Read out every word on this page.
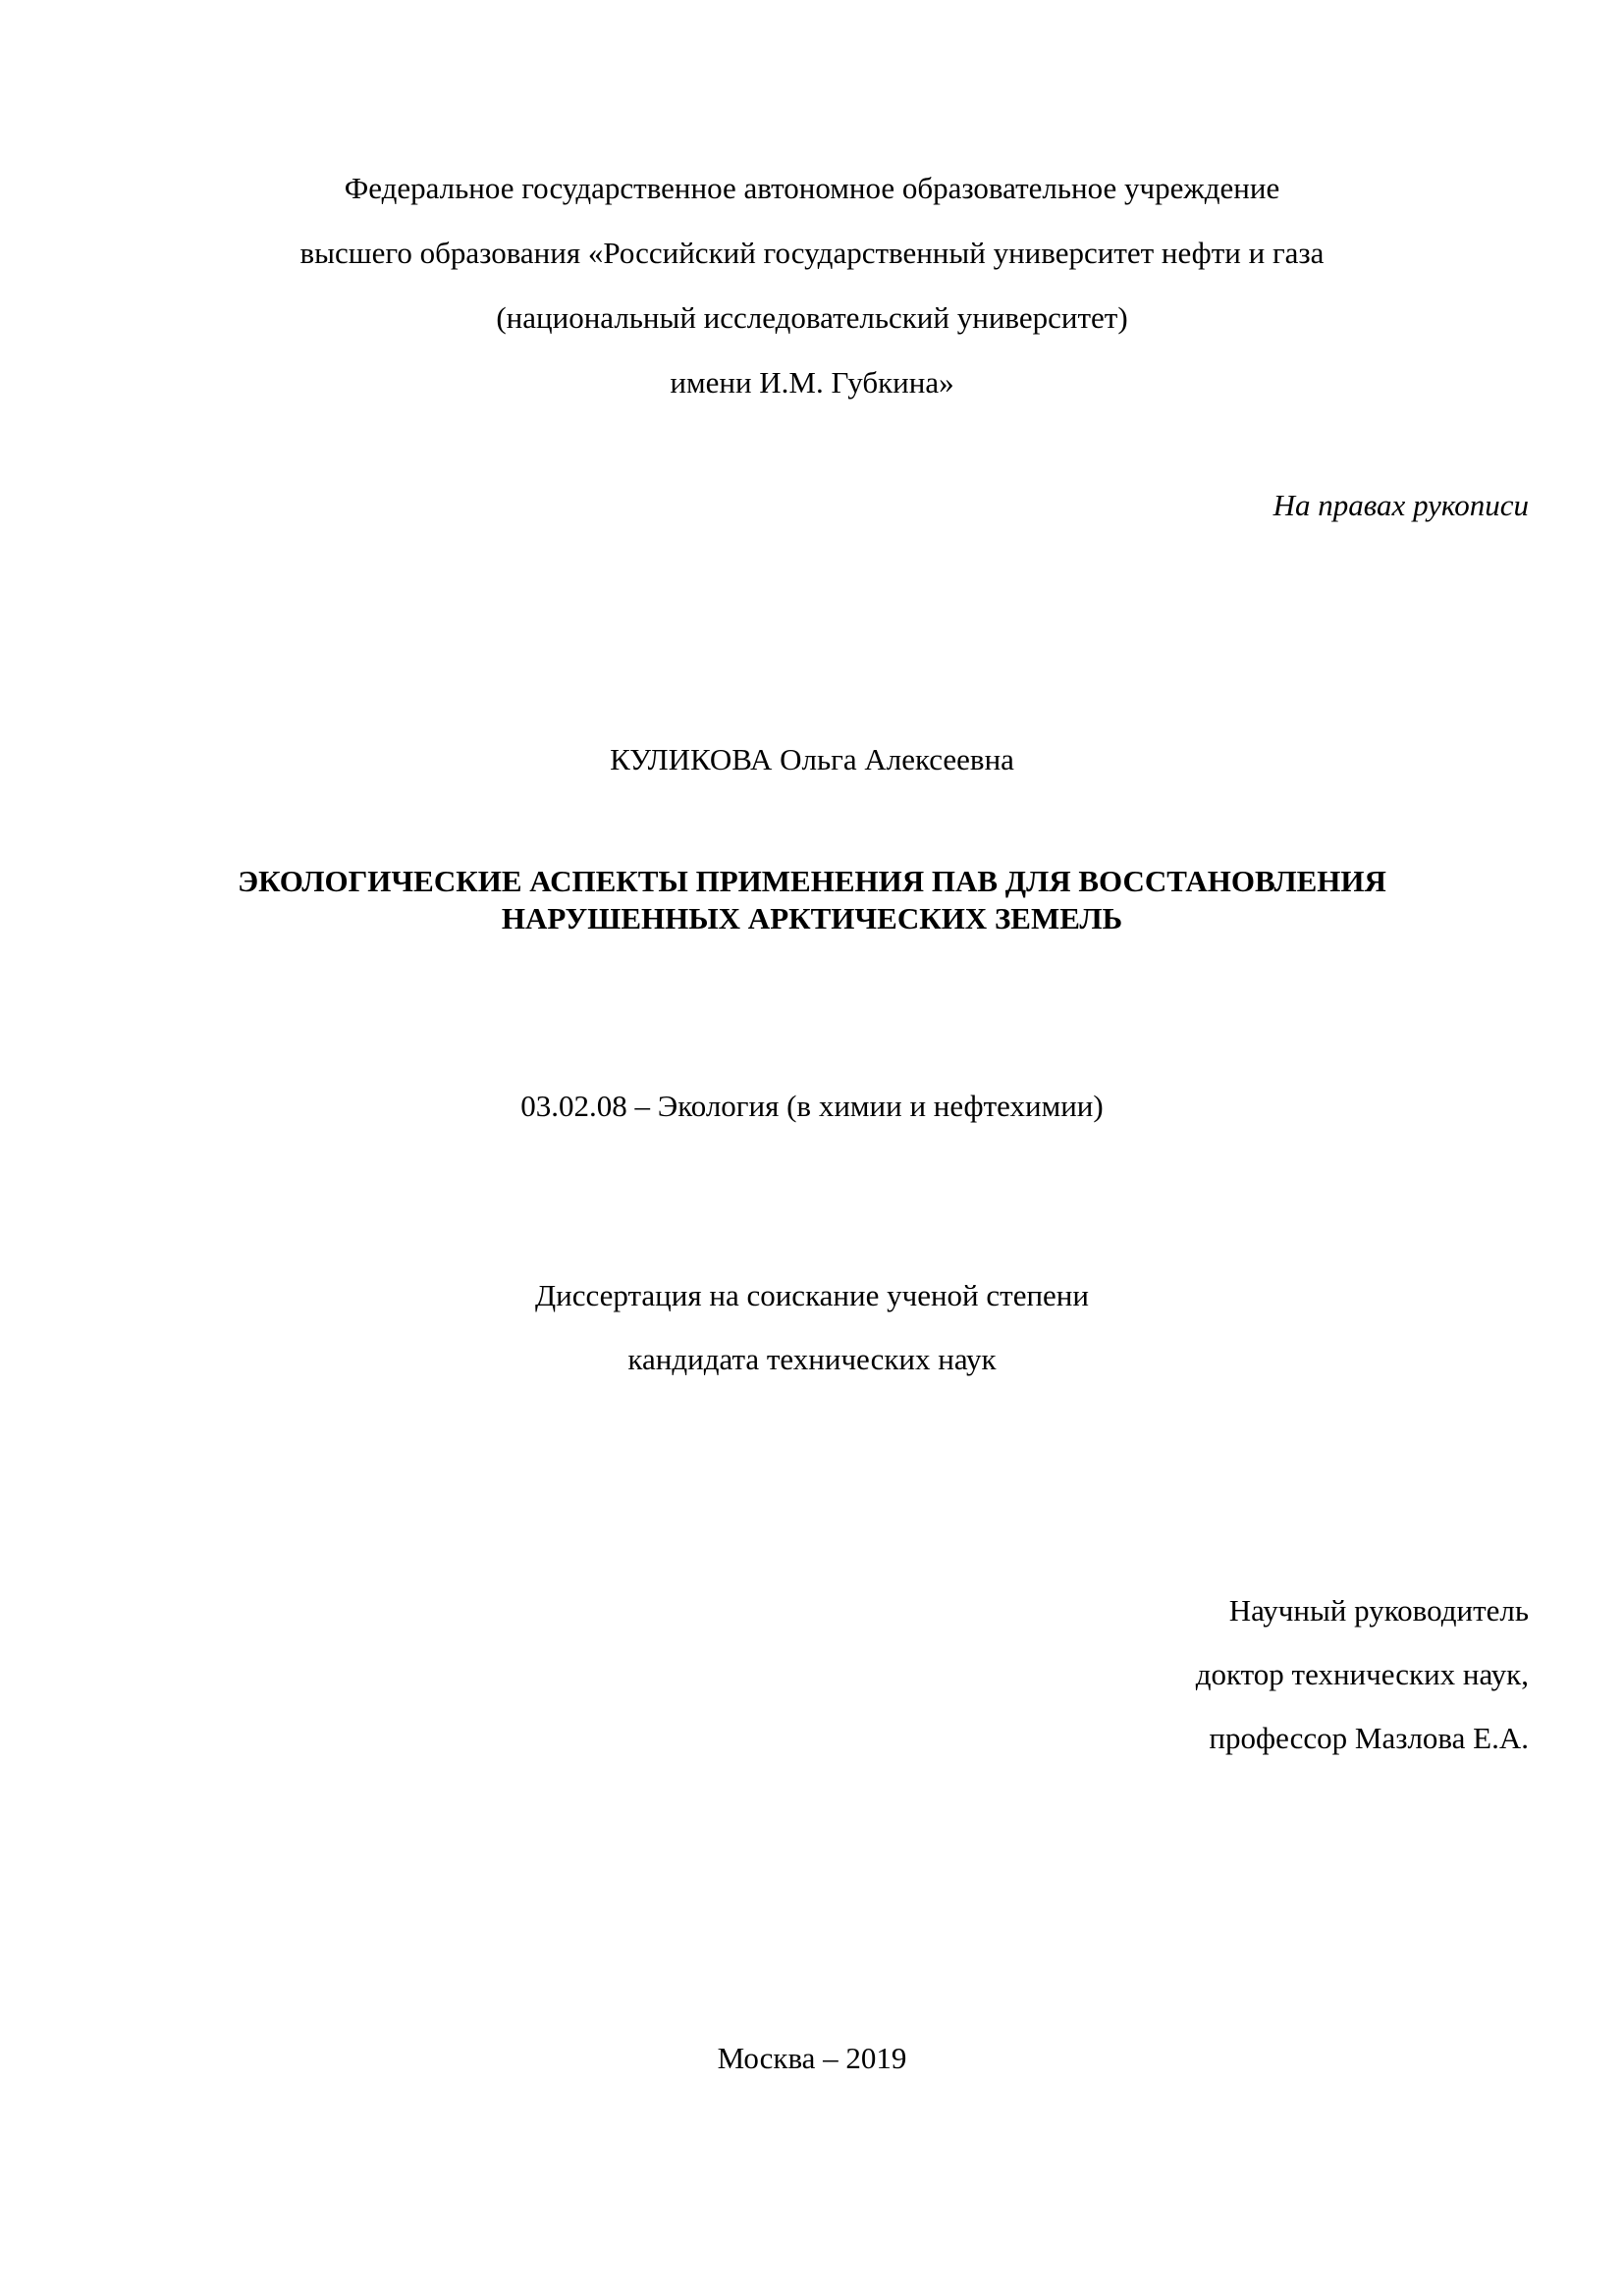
Федеральное государственное автономное образовательное учреждение

высшего образования «Российский государственный университет нефти и газа

(национальный исследовательский университет)

имени И.М. Губкина»

На правах рукописи

КУЛИКОВА Ольга Алексеевна

ЭКОЛОГИЧЕСКИЕ АСПЕКТЫ ПРИМЕНЕНИЯ ПАВ ДЛЯ ВОССТАНОВЛЕНИЯ

НАРУШЕННЫХ АРКТИЧЕСКИХ ЗЕМЕЛЬ

03.02.08 – Экология (в химии и нефтехимии)

Диссертация на соискание ученой степени

кандидата технических наук

Научный руководитель

доктор технических наук,

профессор Мазлова Е.А.

Москва – 2019
